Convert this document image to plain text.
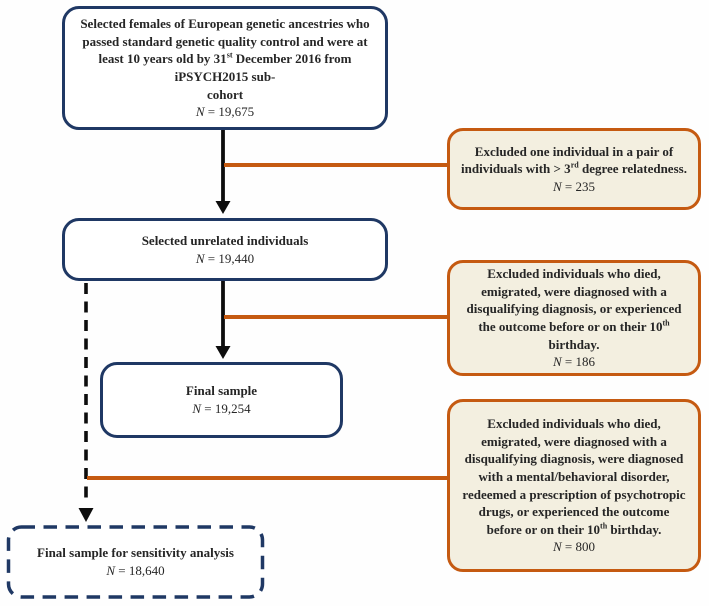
Selected females of European genetic ancestries who passed standard genetic quality control and were at least 10 years old by 31st December 2016 from iPSYCH2015 sub-
cohort
N = 19,675
Selected unrelated individuals
N = 19,440
Final sample
N = 19,254
Final sample for sensitivity analysis
N = 18,640
Excluded one individual in a pair of individuals with > 3rd degree relatedness.
N = 235
Excluded individuals who died, emigrated, were diagnosed with a disqualifying diagnosis, or experienced the outcome before or on their 10th birthday.
N = 186
Excluded individuals who died, emigrated, were diagnosed with a disqualifying diagnosis, were diagnosed with a mental/behavioral disorder, redeemed a prescription of psychotropic drugs, or experienced the outcome before or on their 10th birthday.
N = 800
